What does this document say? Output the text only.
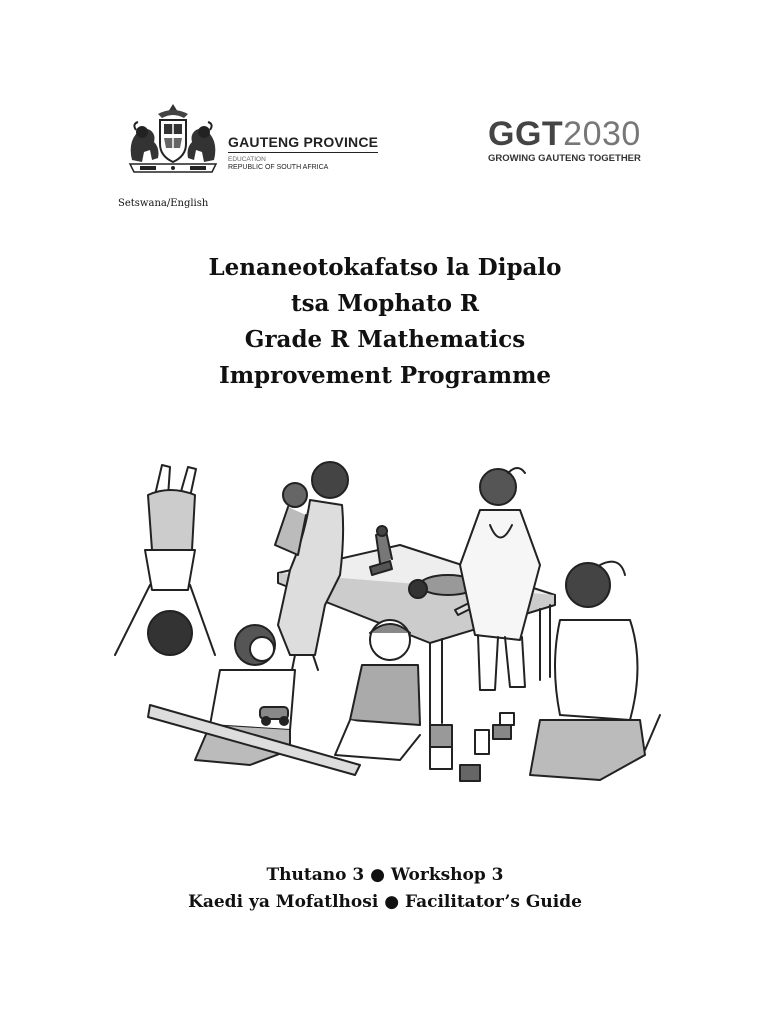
GAUTENG PROVINCE
EDUCATION
REPUBLIC OF SOUTH AFRICA
GGT2030
GROWING GAUTENG TOGETHER
Setswana/English
Lenaneotokafatso la Dipalo
tsa Mophato R
Grade R Mathematics
Improvement Programme
Thutano 3 ● Workshop 3
Kaedi ya Mofatlhosi ● Facilitator’s Guide
